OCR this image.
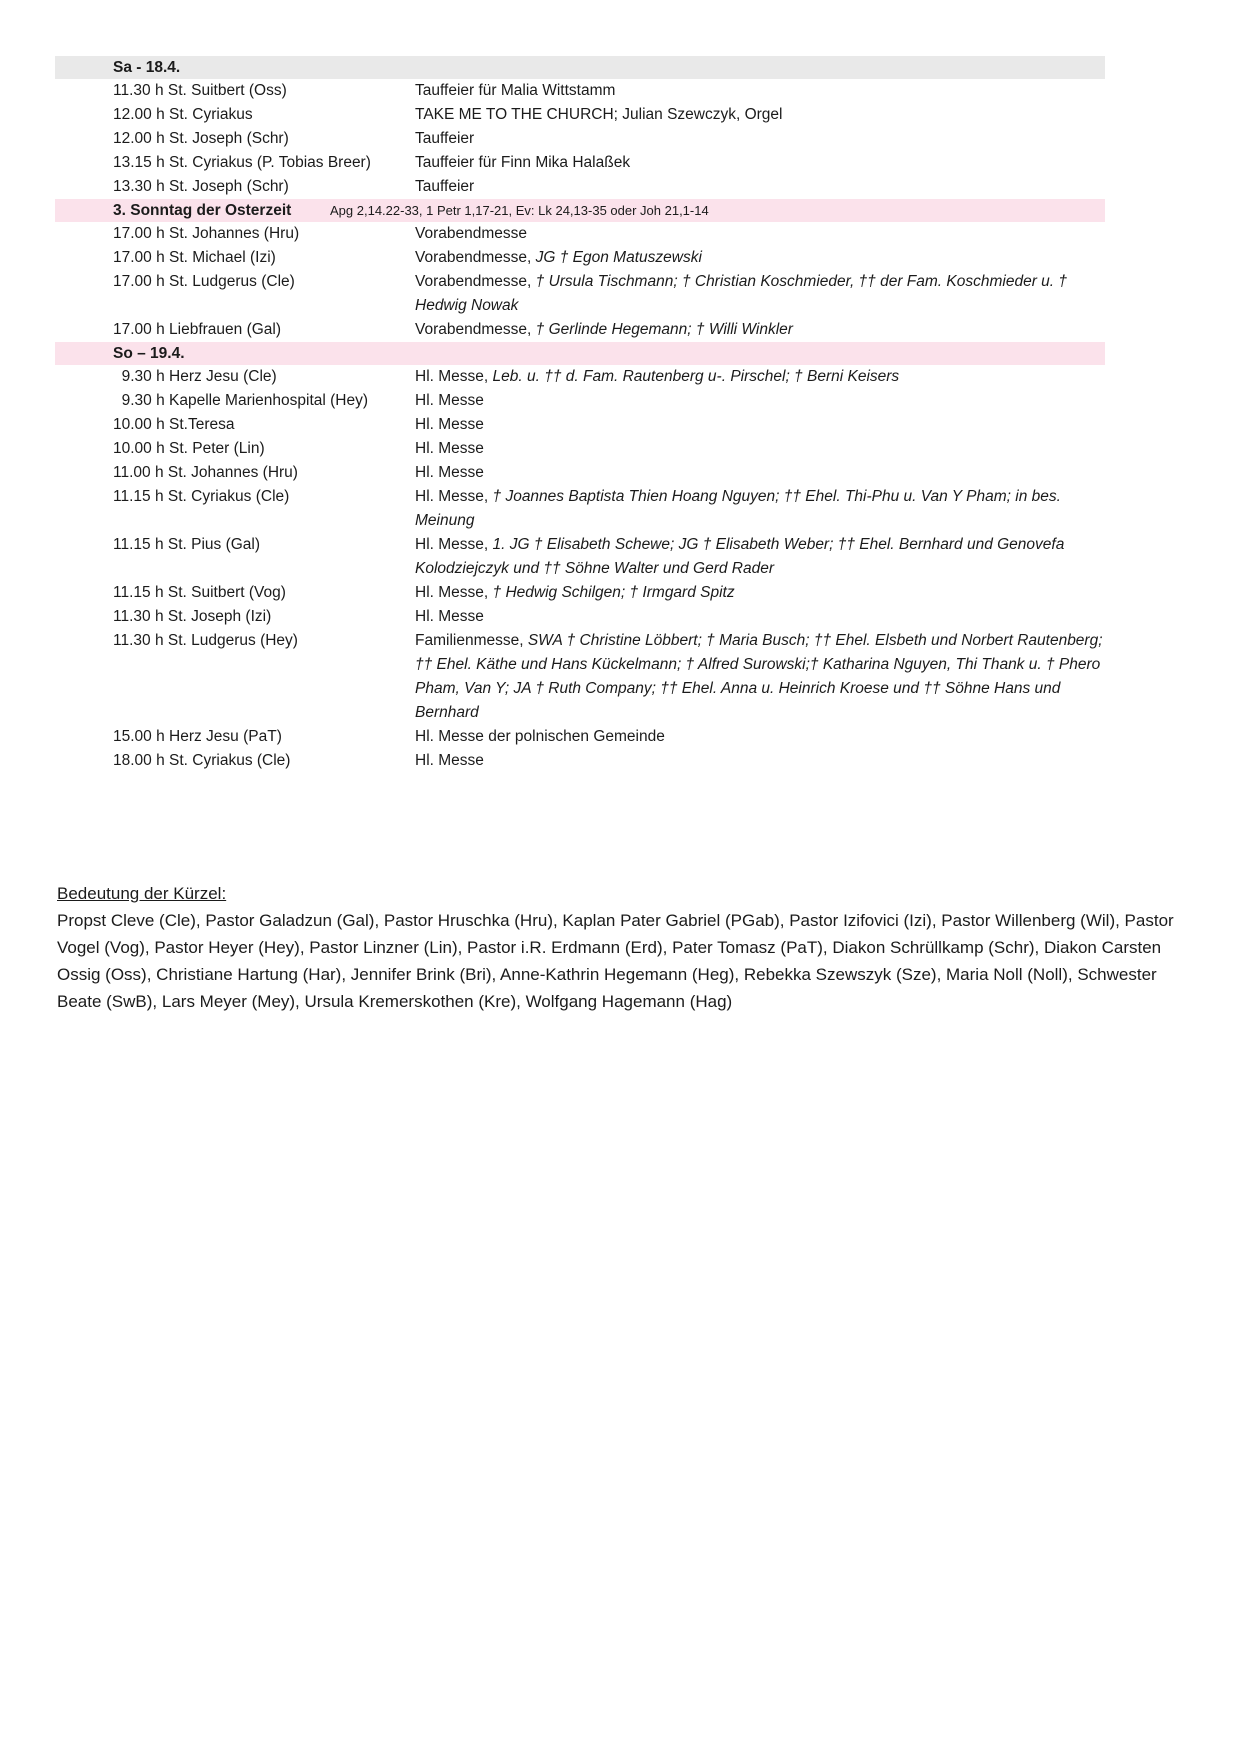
Sa - 18.4.
11.30 h St. Suitbert (Oss)	Tauffeier für Malia Wittstamm
12.00 h St. Cyriakus	TAKE ME TO THE CHURCH; Julian Szewczyk, Orgel
12.00 h St. Joseph (Schr)	Tauffeier
13.15 h St. Cyriakus (P. Tobias Breer)	Tauffeier für Finn Mika Halaßek
13.30 h St. Joseph (Schr)	Tauffeier
3. Sonntag der Osterzeit	Apg 2,14.22-33, 1 Petr 1,17-21, Ev: Lk 24,13-35 oder Joh 21,1-14
17.00 h St. Johannes (Hru)	Vorabendmesse
17.00 h St. Michael (Izi)	Vorabendmesse, JG † Egon Matuszewski
17.00 h St. Ludgerus (Cle)	Vorabendmesse, † Ursula Tischmann; † Christian Koschmieder, †† der Fam. Koschmieder u. † Hedwig Nowak
17.00 h Liebfrauen (Gal)	Vorabendmesse, † Gerlinde Hegemann; † Willi Winkler
So – 19.4.
9.30 h Herz Jesu (Cle)	Hl. Messe, Leb. u. †† d. Fam. Rautenberg u-. Pirschel; † Berni Keisers
9.30 h Kapelle Marienhospital (Hey)	Hl. Messe
10.00 h St.Teresa	Hl. Messe
10.00 h St. Peter (Lin)	Hl. Messe
11.00 h St. Johannes (Hru)	Hl. Messe
11.15 h St. Cyriakus (Cle)	Hl. Messe, † Joannes Baptista Thien Hoang Nguyen; †† Ehel. Thi-Phu u. Van Y Pham; in bes. Meinung
11.15 h St. Pius (Gal)	Hl. Messe, 1. JG † Elisabeth Schewe; JG † Elisabeth Weber; †† Ehel. Bernhard und Genovefa Kolodziejczyk und †† Söhne Walter und Gerd Rader
11.15 h St. Suitbert (Vog)	Hl. Messe, † Hedwig Schilgen; † Irmgard Spitz
11.30 h St. Joseph (Izi)	Hl. Messe
11.30 h St. Ludgerus (Hey)	Familienmesse, SWA † Christine Löbbert; † Maria Busch; †† Ehel. Elsbeth und Norbert Rautenberg; †† Ehel. Käthe und Hans Kückelmann; † Alfred Surowski;† Katharina Nguyen, Thi Thank u. † Phero Pham, Van Y; JA † Ruth Company; †† Ehel. Anna u. Heinrich Kroese und †† Söhne Hans und Bernhard
15.00 h Herz Jesu (PaT)	Hl. Messe der polnischen Gemeinde
18.00 h St. Cyriakus (Cle)	Hl. Messe
Bedeutung der Kürzel:
Propst Cleve (Cle), Pastor Galadzun (Gal), Pastor Hruschka (Hru), Kaplan Pater Gabriel (PGab), Pastor Izifovici (Izi), Pastor Willenberg (Wil), Pastor Vogel (Vog), Pastor Heyer (Hey), Pastor Linzner (Lin), Pastor i.R. Erdmann (Erd), Pater Tomasz (PaT), Diakon Schrüllkamp (Schr), Diakon Carsten Ossig (Oss), Christiane Hartung (Har), Jennifer Brink (Bri), Anne-Kathrin Hegemann (Heg), Rebekka Szewszyk (Sze), Maria Noll (Noll), Schwester Beate (SwB), Lars Meyer (Mey), Ursula Kremerskothen (Kre), Wolfgang Hagemann (Hag)
